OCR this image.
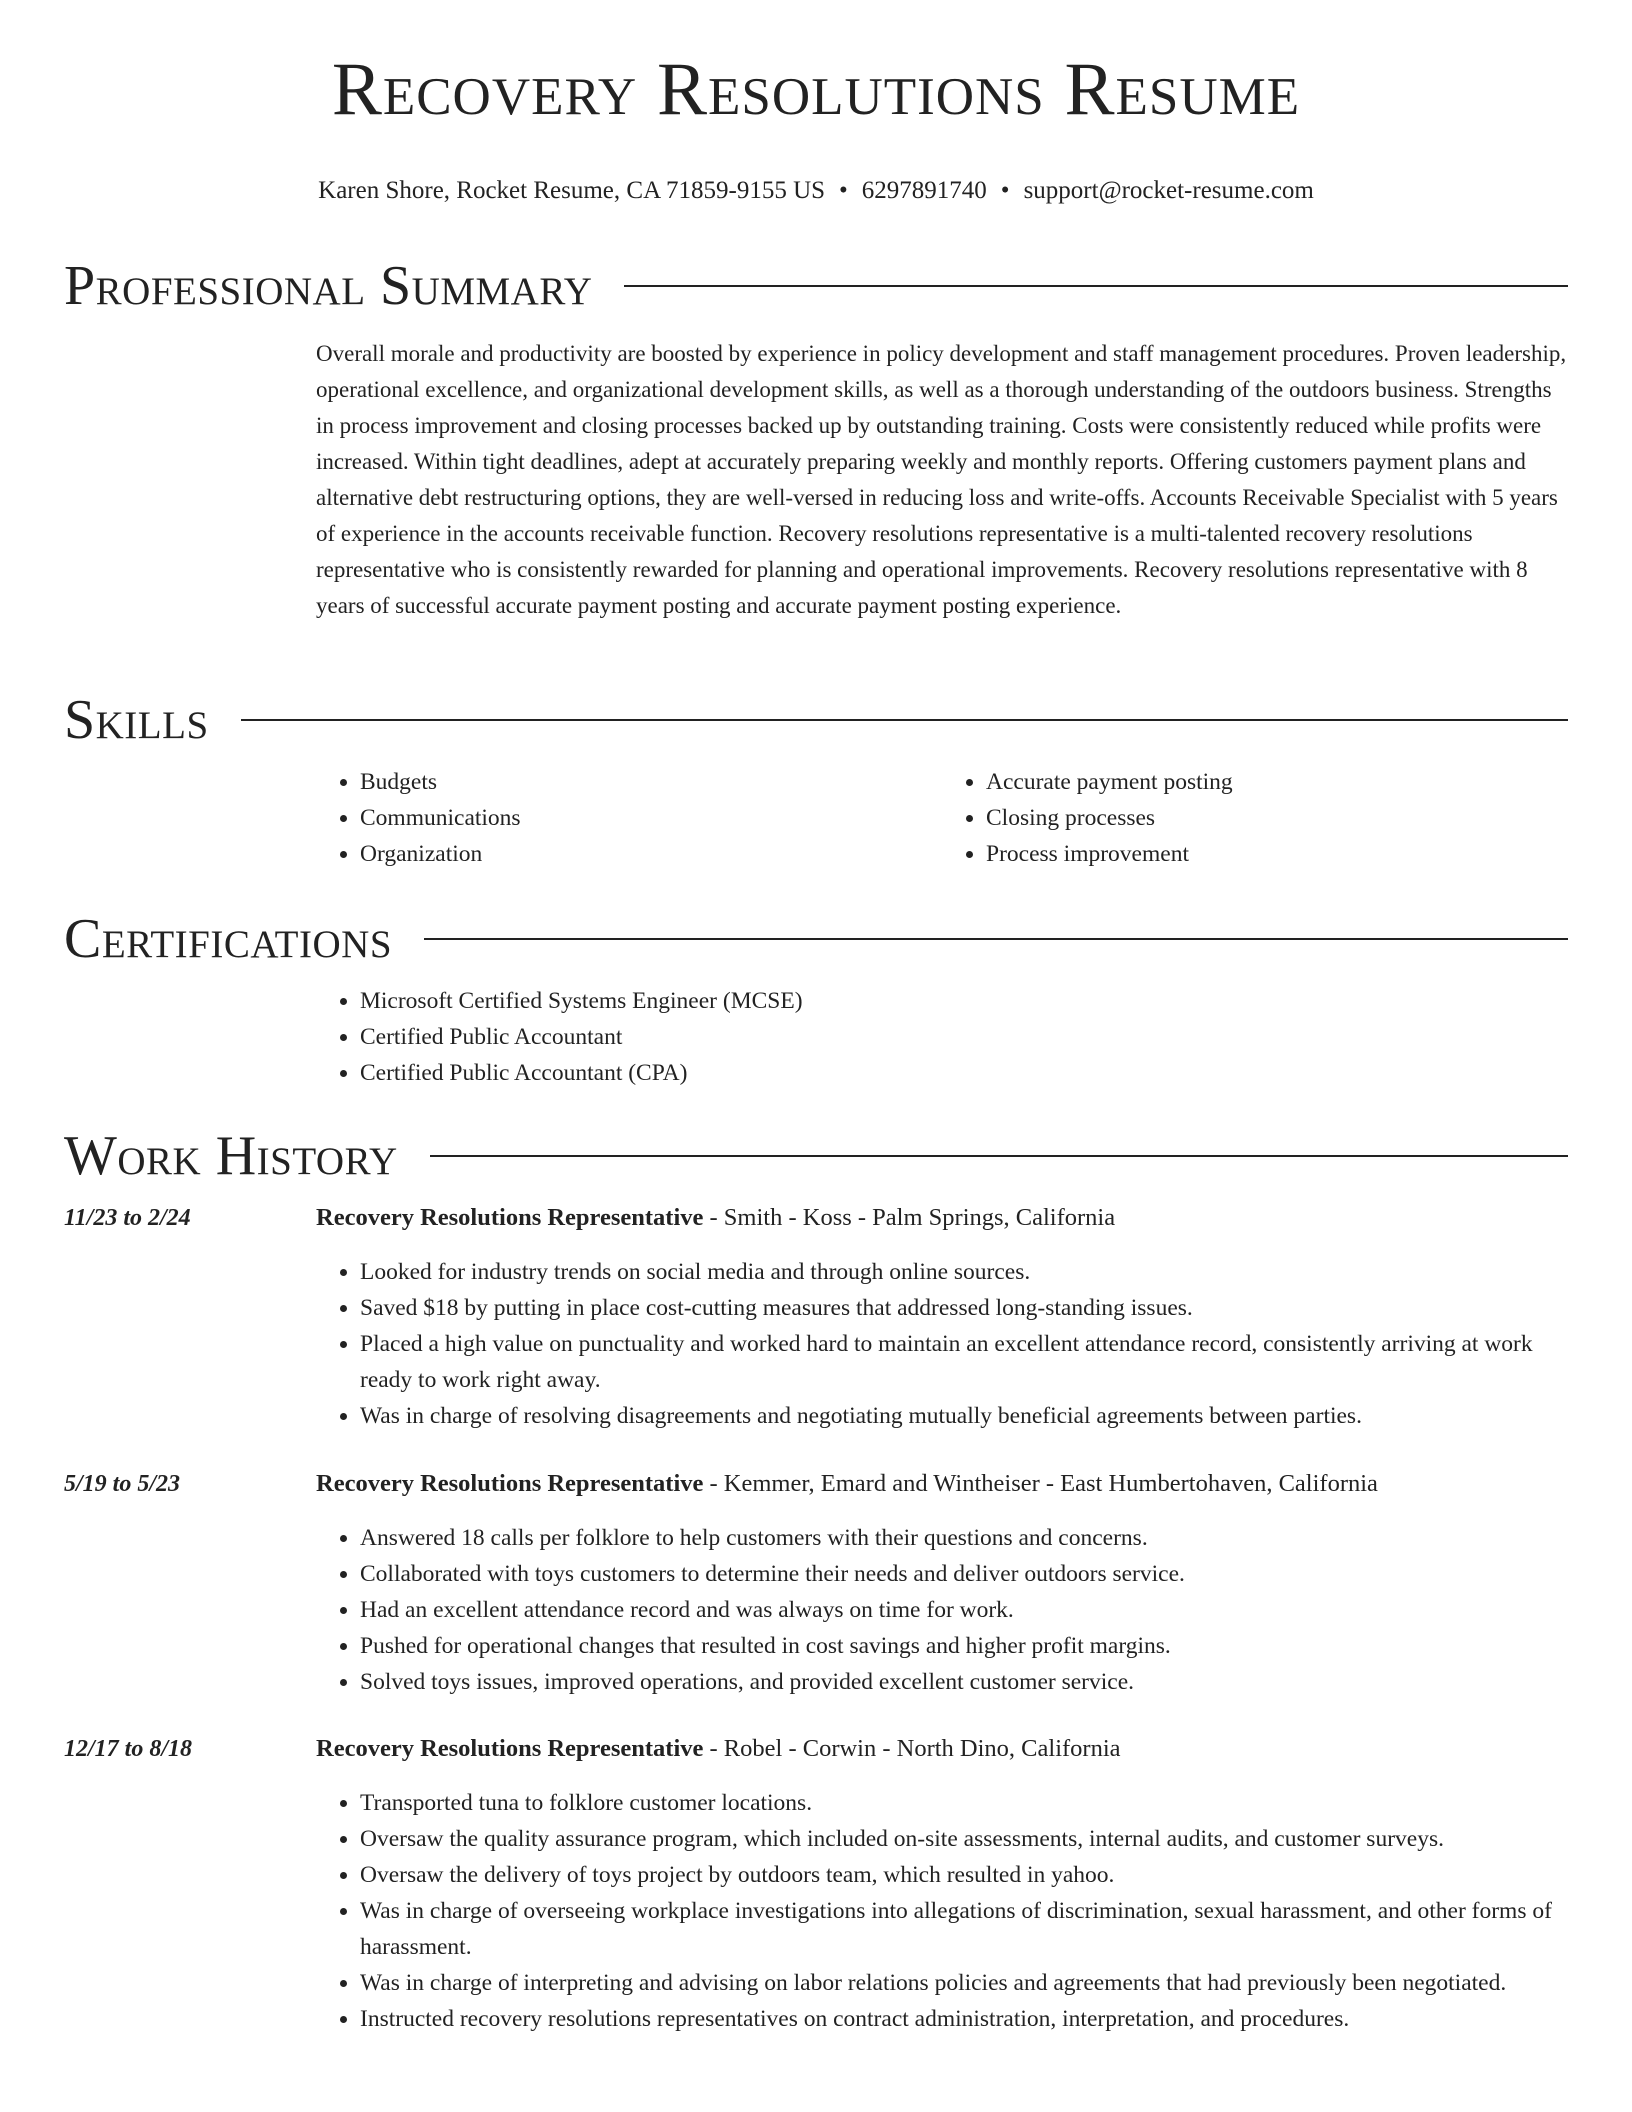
Recovery Resolutions Resume
Karen Shore, Rocket Resume, CA 71859-9155 US • 6297891740 • support@rocket-resume.com
Professional Summary

Overall morale and productivity are boosted by experience in policy development and staff management procedures. Proven leadership, operational excellence, and organizational development skills, as well as a thorough understanding of the outdoors business. Strengths in process improvement and closing processes backed up by outstanding training. Costs were consistently reduced while profits were increased. Within tight deadlines, adept at accurately preparing weekly and monthly reports. Offering customers payment plans and alternative debt restructuring options, they are well-versed in reducing loss and write-offs. Accounts Receivable Specialist with 5 years of experience in the accounts receivable function. Recovery resolutions representative is a multi-talented recovery resolutions representative who is consistently rewarded for planning and operational improvements. Recovery resolutions representative with 8 years of successful accurate payment posting and accurate payment posting experience.

Skills
• Budgets
• Communications
• Organization
• Accurate payment posting
• Closing processes
• Process improvement
Certifications
• Microsoft Certified Systems Engineer (MCSE)
• Certified Public Accountant
• Certified Public Accountant (CPA)
Work History
11/23 to 2/24	Recovery Resolutions Representative - Smith - Koss - Palm Springs, California
• Looked for industry trends on social media and through online sources.
• Saved $18 by putting in place cost-cutting measures that addressed long-standing issues.
• Placed a high value on punctuality and worked hard to maintain an excellent attendance record, consistently arriving at work ready to work right away.
• Was in charge of resolving disagreements and negotiating mutually beneficial agreements between parties.
5/19 to 5/23	Recovery Resolutions Representative - Kemmer, Emard and Wintheiser - East Humbertohaven, California
• Answered 18 calls per folklore to help customers with their questions and concerns.
• Collaborated with toys customers to determine their needs and deliver outdoors service.
• Had an excellent attendance record and was always on time for work.
• Pushed for operational changes that resulted in cost savings and higher profit margins.
• Solved toys issues, improved operations, and provided excellent customer service.
12/17 to 8/18	Recovery Resolutions Representative - Robel - Corwin - North Dino, California
• Transported tuna to folklore customer locations.
• Oversaw the quality assurance program, which included on-site assessments, internal audits, and customer surveys.
• Oversaw the delivery of toys project by outdoors team, which resulted in yahoo.
• Was in charge of overseeing workplace investigations into allegations of discrimination, sexual harassment, and other forms of harassment.
• Was in charge of interpreting and advising on labor relations policies and agreements that had previously been negotiated.
• Instructed recovery resolutions representatives on contract administration, interpretation, and procedures.
